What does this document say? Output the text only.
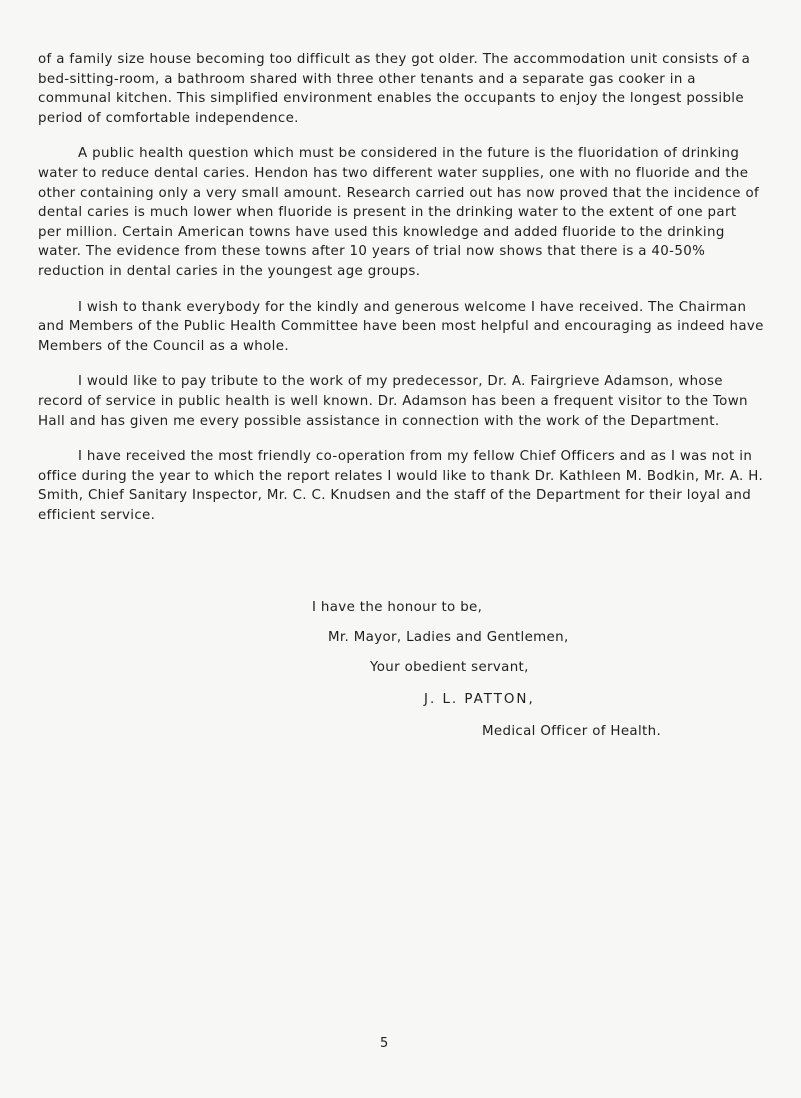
of a family size house becoming too difficult as they got older. The accommodation unit consists of a bed-sitting-room, a bathroom shared with three other tenants and a separate gas cooker in a communal kitchen. This simplified environment enables the occupants to enjoy the longest possible period of comfortable independence.

A public health question which must be considered in the future is the fluoridation of drinking water to reduce dental caries. Hendon has two different water supplies, one with no fluoride and the other containing only a very small amount. Research carried out has now proved that the incidence of dental caries is much lower when fluoride is present in the drinking water to the extent of one part per million. Certain American towns have used this knowledge and added fluoride to the drinking water. The evidence from these towns after 10 years of trial now shows that there is a 40-50% reduction in dental caries in the youngest age groups.

I wish to thank everybody for the kindly and generous welcome I have received. The Chairman and Members of the Public Health Committee have been most helpful and encouraging as indeed have Members of the Council as a whole.

I would like to pay tribute to the work of my predecessor, Dr. A. Fairgrieve Adamson, whose record of service in public health is well known. Dr. Adamson has been a frequent visitor to the Town Hall and has given me every possible assistance in connection with the work of the Department.

I have received the most friendly co-operation from my fellow Chief Officers and as I was not in office during the year to which the report relates I would like to thank Dr. Kathleen M. Bodkin, Mr. A. H. Smith, Chief Sanitary Inspector, Mr. C. C. Knudsen and the staff of the Department for their loyal and efficient service.

I have the honour to be,
Mr. Mayor, Ladies and Gentlemen,
Your obedient servant,
J. L. PATTON,
Medical Officer of Health.
5
